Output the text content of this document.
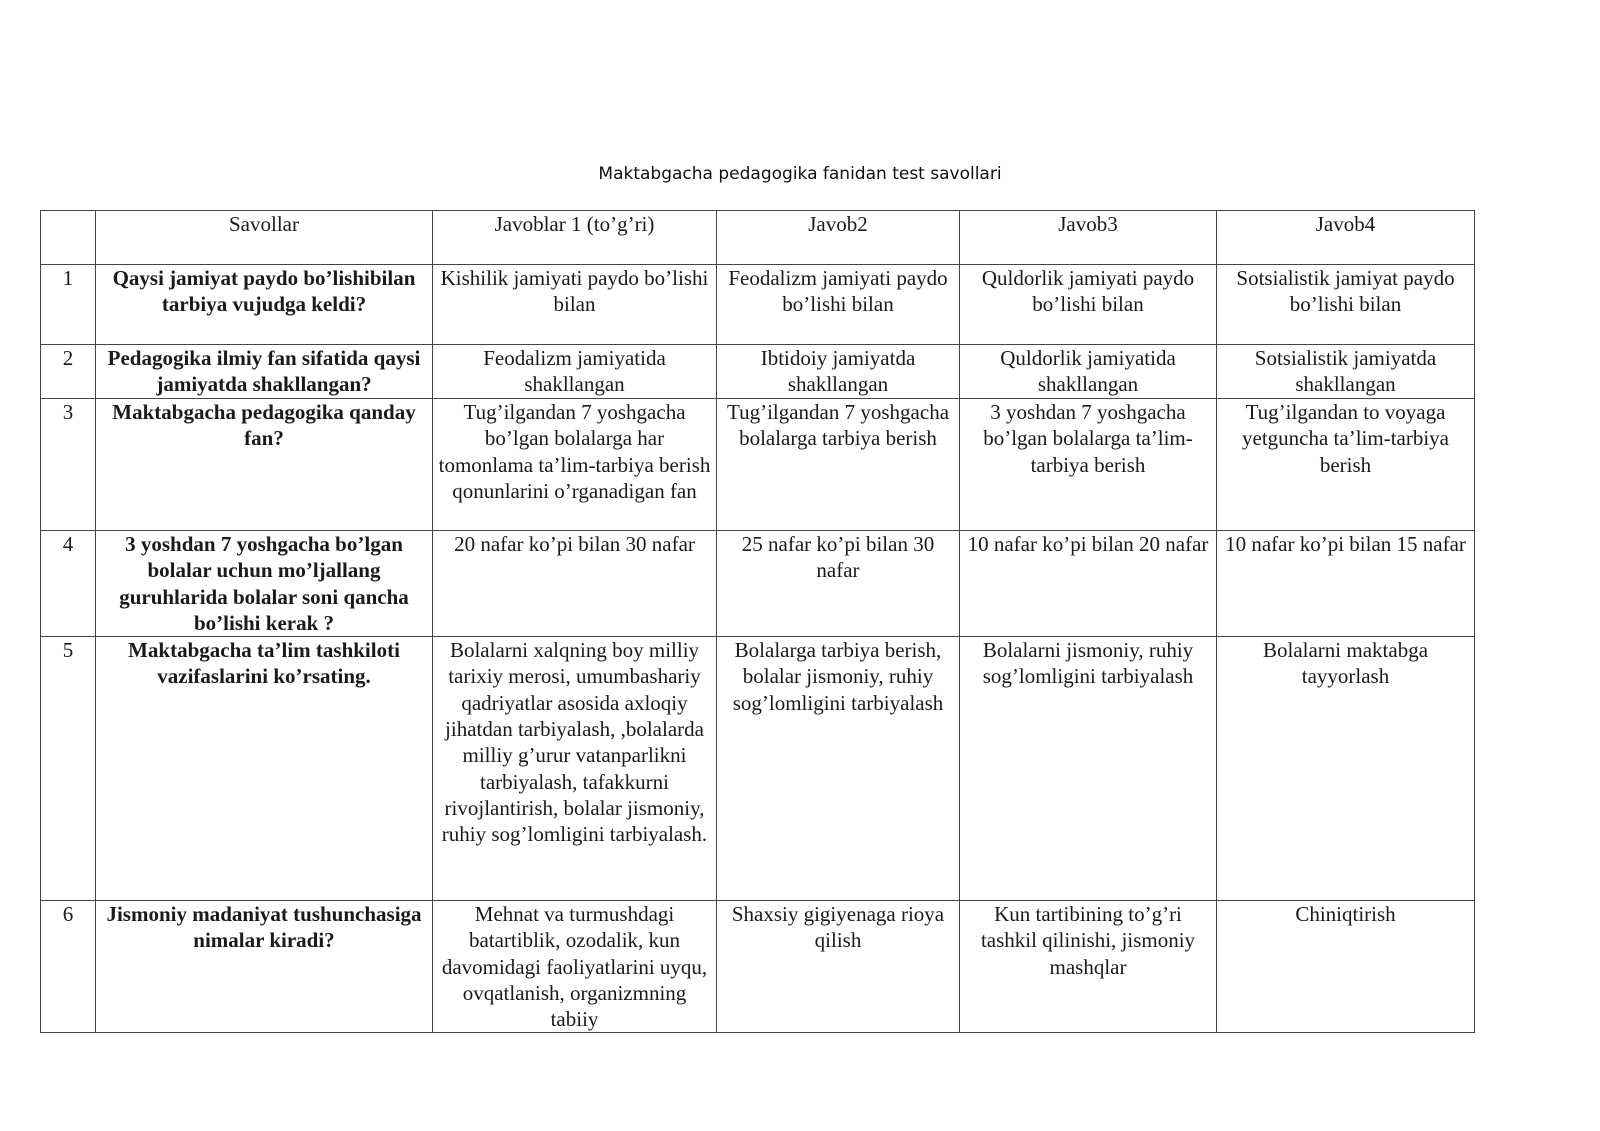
Maktabgacha pedagogika fanidan test savollari
	Savollar	Javoblar 1 (to’g’ri)	Javob2	Javob3	Javob4
1	Qaysi jamiyat paydo bo’lishibilan tarbiya vujudga keldi?	Kishilik jamiyati paydo bo’lishi bilan	Feodalizm jamiyati paydo bo’lishi bilan	Quldorlik jamiyati paydo bo’lishi bilan	Sotsialistik jamiyat paydo bo’lishi bilan
2	Pedagogika ilmiy fan sifatida qaysi jamiyatda shakllangan?	Feodalizm jamiyatida shakllangan	Ibtidoiy jamiyatda shakllangan	Quldorlik jamiyatida shakllangan	Sotsialistik jamiyatda shakllangan
3	Maktabgacha pedagogika qanday fan?	Tug’ilgandan 7 yoshgacha bo’lgan bolalarga har tomonlama ta’lim-tarbiya berish qonunlarini o’rganadigan fan	Tug’ilgandan 7 yoshgacha bolalarga tarbiya berish	3 yoshdan 7 yoshgacha bo’lgan bolalarga ta’lim-tarbiya berish	Tug’ilgandan to voyaga yetguncha ta’lim-tarbiya berish
4	3 yoshdan 7 yoshgacha bo’lgan bolalar uchun mo’ljallang guruhlarida bolalar soni qancha bo’lishi kerak ?	20 nafar ko’pi bilan 30 nafar	25 nafar ko’pi bilan 30 nafar	10 nafar ko’pi bilan 20 nafar	10 nafar ko’pi bilan 15 nafar
5	Maktabgacha ta’lim tashkiloti vazifaslarini ko’rsating.	Bolalarni xalqning boy milliy tarixiy merosi, umumbashariy qadriyatlar asosida axloqiy jihatdan tarbiyalash, ,bolalarda milliy g’urur vatanparlikni tarbiyalash, tafakkurni rivojlantirish, bolalar jismoniy, ruhiy sog’lomligini tarbiyalash.	Bolalarga tarbiya berish, bolalar jismoniy, ruhiy sog’lomligini tarbiyalash	Bolalarni jismoniy, ruhiy sog’lomligini tarbiyalash	Bolalarni maktabga tayyorlash
6	Jismoniy madaniyat tushunchasiga nimalar kiradi?	Mehnat va turmushdagi batartiblik, ozodalik, kun davomidagi faoliyatlarini uyqu, ovqatlanish, organizmning tabiiy	Shaxsiy gigiyenaga rioya qilish	Kun tartibining to’g’ri tashkil qilinishi, jismoniy mashqlar	Chiniqtirish
